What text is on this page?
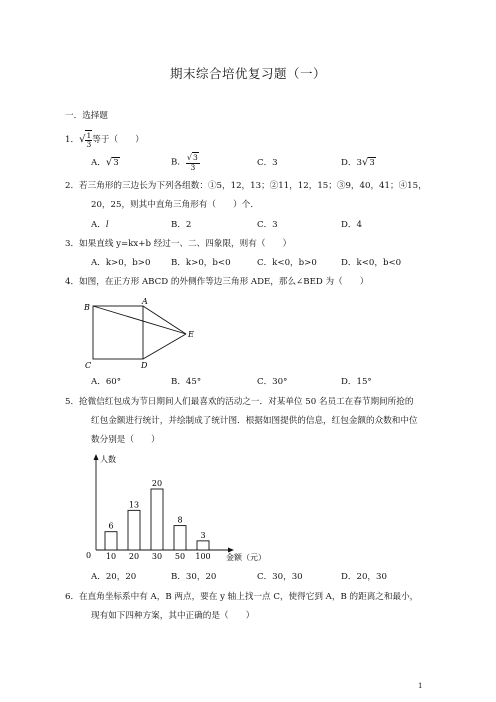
期末综合培优复习题（一）
一．选择题
1．√ $\frac{1}{3}$ 等于（　　）
A．√3	B． $\frac{√3}{3}$	C．3	D．3√3
2．若三角形的三边长为下列各组数：①5，12，13；②11，12，15；③9，40，41；④15，
20，25，则其中直角三角形有（　　）个．
A．l	B．2	C．3	D．4
3．如果直线 y=kx+b 经过一、二、四象限，则有（　　）
A．k>0，b>0 B．k>0，b<0	C．k<0，b>0	D．k<0，b<0
4．如图，在正方形 ABCD 的外侧作等边三角形 ADE，那么∠BED 为（　　）
B
A
E
C	D
A．60°	B．45°	C．30°	D．15°
5．抢微信红包成为节日期间人们最喜欢的活动之一．对某单位 50 名员工在春节期间所抢的
红包金额进行统计，并绘制成了统计图．根据如图提供的信息，红包金额的众数和中位
数分别是（　　）
人数
金额（元）
0
6
10
13
20
20
30
8
50
3
100
A．20，20	B．30，20	C．30，30	D．20，30
6．在直角坐标系中有 A，B 两点，要在 y 轴上找一点 C，使得它到 A，B 的距离之和最小，
现有如下四种方案，其中正确的是（　　）
1
